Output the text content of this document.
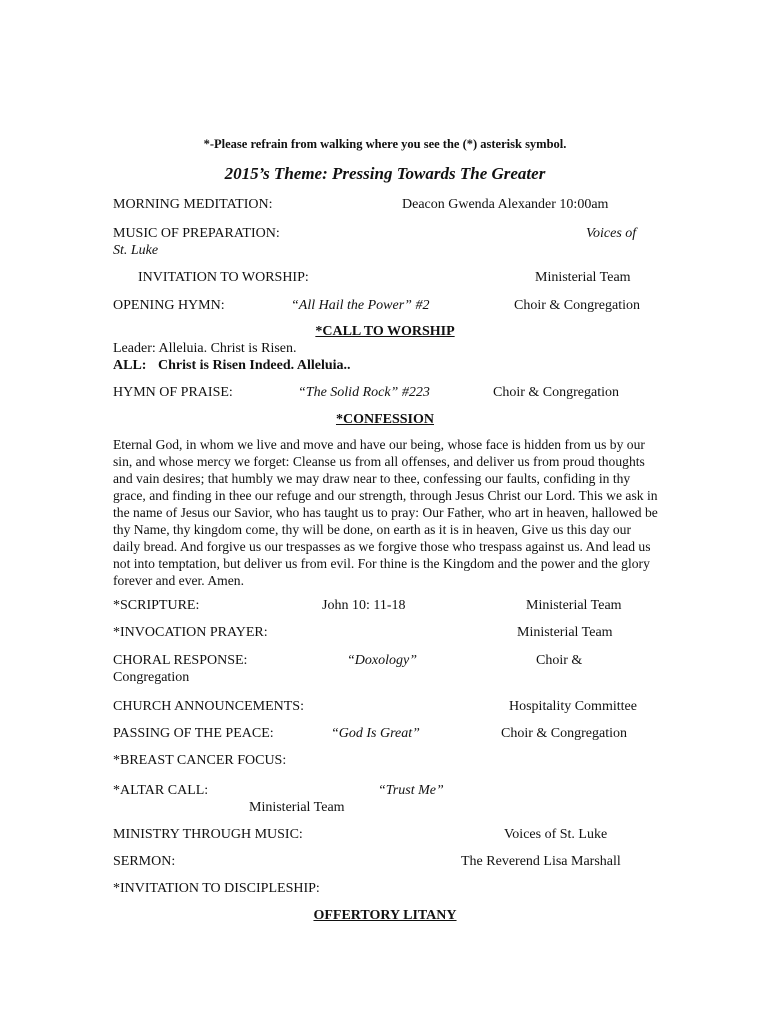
*-Please refrain from walking where you see the (*) asterisk symbol.
2015’s Theme: Pressing Towards The Greater
MORNING MEDITATION:	Deacon Gwenda Alexander 10:00am
MUSIC OF PREPARATION:	Voices of
St. Luke
INVITATION TO WORSHIP:	Ministerial Team
OPENING HYMN:	“All Hail the Power” #2	Choir & Congregation
*CALL TO WORSHIP
Leader: Alleluia. Christ is Risen.
ALL: Christ is Risen Indeed. Alleluia..
HYMN OF PRAISE:	“The Solid Rock” #223	Choir & Congregation
*CONFESSION
Eternal God, in whom we live and move and have our being, whose face is hidden from us by our sin, and whose mercy we forget: Cleanse us from all offenses, and deliver us from proud thoughts and vain desires; that humbly we may draw near to thee, confessing our faults, confiding in thy grace, and finding in thee our refuge and our strength, through Jesus Christ our Lord. This we ask in the name of Jesus our Savior, who has taught us to pray: Our Father, who art in heaven, hallowed be thy Name, thy kingdom come, thy will be done, on earth as it is in heaven, Give us this day our daily bread. And forgive us our trespasses as we forgive those who trespass against us. And lead us not into temptation, but deliver us from evil. For thine is the Kingdom and the power and the glory forever and ever. Amen.
*SCRIPTURE:	John 10: 11-18	Ministerial Team
*INVOCATION PRAYER:	Ministerial Team
CHORAL RESPONSE:	“Doxology”	Choir &
Congregation
CHURCH ANNOUNCEMENTS:	Hospitality Committee
PASSING OF THE PEACE:	“God Is Great”	Choir & Congregation
*BREAST CANCER FOCUS:
*ALTAR CALL:	“Trust Me”
Ministerial Team
MINISTRY THROUGH MUSIC:	Voices of St. Luke
SERMON:	The Reverend Lisa Marshall
*INVITATION TO DISCIPLESHIP:
OFFERTORY LITANY
